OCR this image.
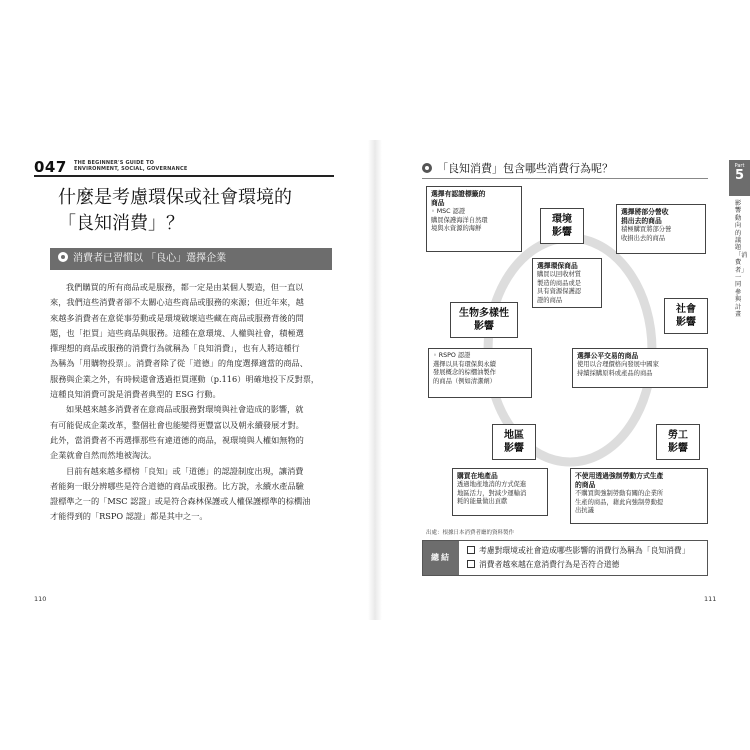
047 THE BEGINNER'S GUIDE TO
ENVIRONMENT, SOCIAL, GOVERNANCE
什麼是考慮環保或社會環境的
「良知消費」？
消費者已習慣以 「良心」選擇企業

我們購買的所有商品或是服務，都一定是由某個人製造，但一直以
來，我們這些消費者卻不太關心這些商品或服務的來源；但近年來，越
來越多消費者在意從事勞動或是環境破壞這些藏在商品或服務背後的問
題，也「拒買」這些商品與服務。這種在意環境、人權與社會，積極選
擇理想的商品或服務的消費行為就稱為「良知消費」，也有人將這種行
為稱為「用購物投票」。消費者除了從「道德」的角度選擇適當的商品、
服務與企業之外，有時候還會透過拒買運動（p.116）明確地投下反對票，
這種良知消費可說是消費者典型的 ESG 行動。

如果越來越多消費者在意商品或服務對環境與社會造成的影響，就
有可能促成企業改革，整個社會也能變得更豐富以及朝永續發展才對。
此外，當消費者不再選擇那些有違道德的商品，視環境與人權如無物的
企業就會自然而然地被淘汰。

目前有越來越多標榜「良知」或「道德」的認證制度出現，讓消費
者能夠一眼分辨哪些是符合道德的商品或服務。比方說，永續水產品驗
證標準之一的「MSC 認證」或是符合森林保護或人權保護標準的棕櫚油
才能得到的「RSPO 認證」都是其中之一。

110
「良知消費」包含哪些消費行為呢？	Part
5
影響動向的議題「消費者」一同參與計畫
環境
影響
社會
影響
勞工
影響
地區
影響
生物多樣性
影響
選擇有認證標籤的
商品
◦ MSC 認證
購買保護海洋自然環
境與水資源的海鮮
選擇環保商品
購買以回收材質
製造的商品或是
具有資源保護認
證的商品
選擇將部分營收
捐出去的商品
積極購買將部分營
收捐出去的商品
◦ RSPO 認證
選擇以具有環保與永續
發展概念的棕櫚油製作
的商品（例如清潔劑）
選擇公平交易的商品
使用以合理價格向發展中國家
持續採購原料或產品的商品
購買在地產品
透過地產地消的方式促進
地區活力，對減少運輸消
耗的能量做出貢獻
不使用透過強制勞動方式生產
的商品
不購買與強制勞動有關的企業所
生產的商品，藉此向強制勞動提
出抗議
出處：根據日本消費者廳的資料製作
總結
考慮對環境或社會造成哪些影響的消費行為稱為「良知消費」
消費者越來越在意消費行為是否符合道德
111
